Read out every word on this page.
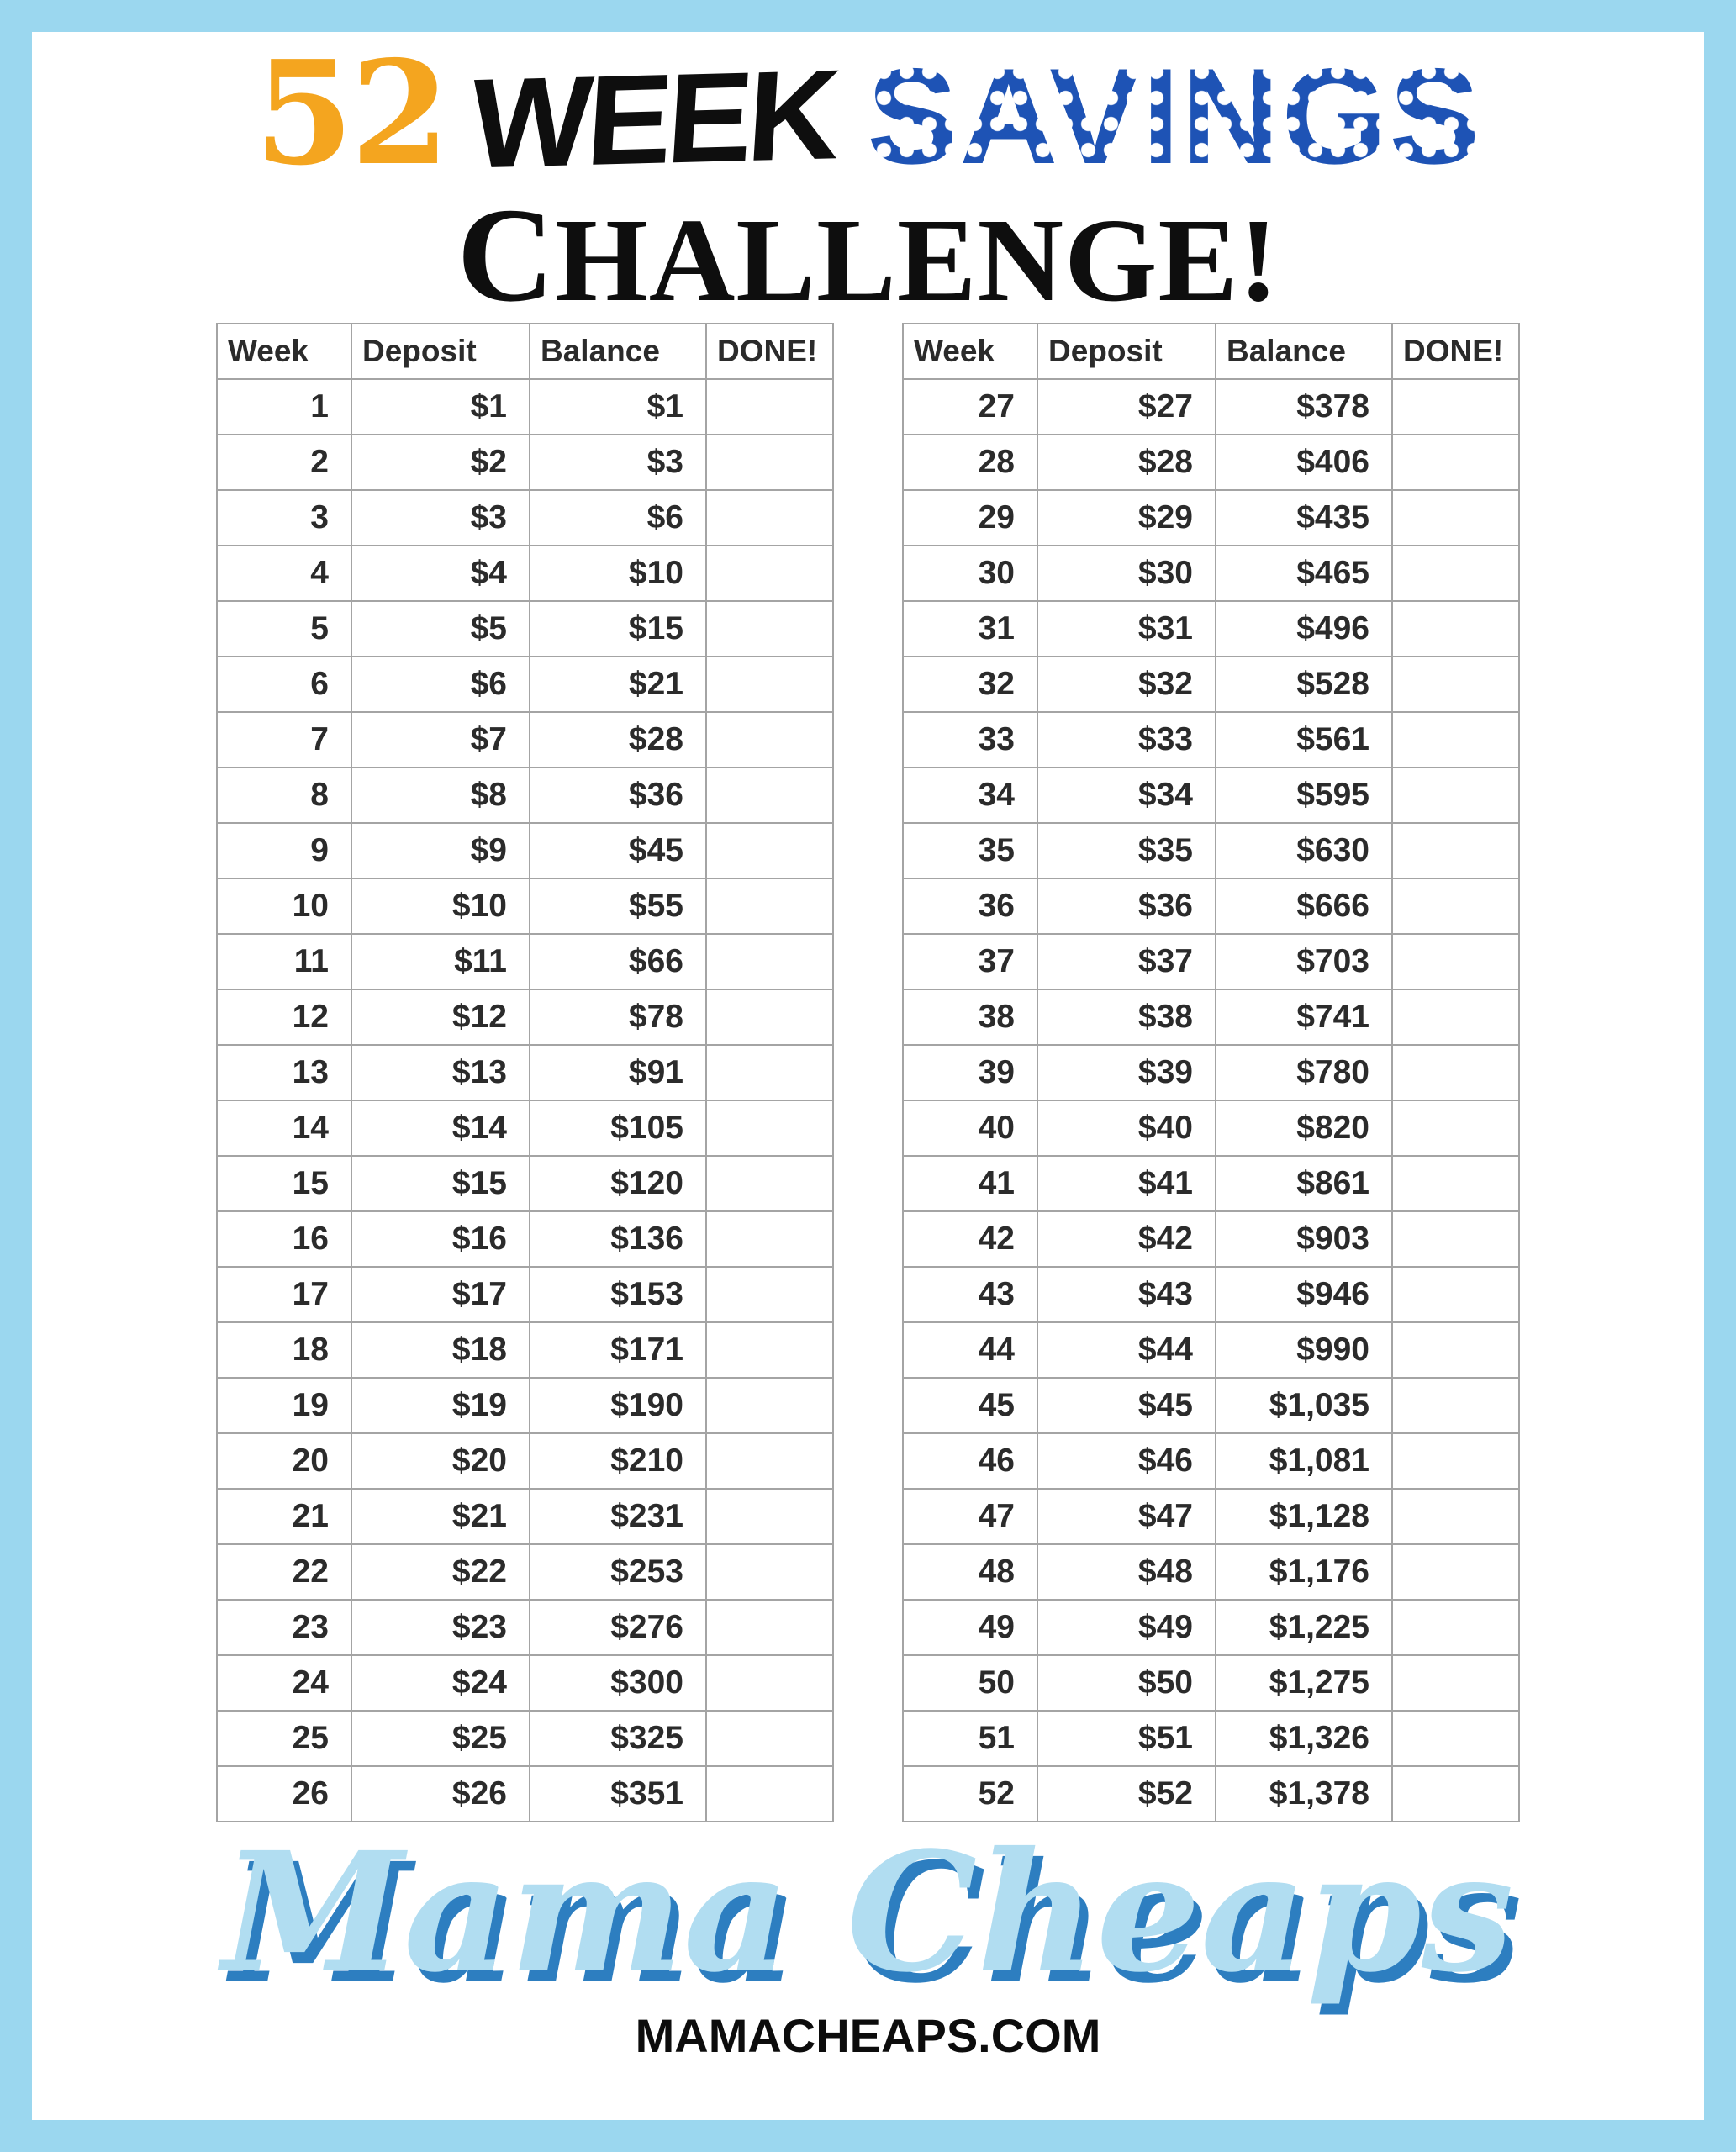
52 WEEK SAVINGS
CHALLENGE!
Week	Deposit	Balance	DONE!
1	$1	$1	
2	$2	$3	
3	$3	$6	
4	$4	$10	
5	$5	$15	
6	$6	$21	
7	$7	$28	
8	$8	$36	
9	$9	$45	
10	$10	$55	
11	$11	$66	
12	$12	$78	
13	$13	$91	
14	$14	$105	
15	$15	$120	
16	$16	$136	
17	$17	$153	
18	$18	$171	
19	$19	$190	
20	$20	$210	
21	$21	$231	
22	$22	$253	
23	$23	$276	
24	$24	$300	
25	$25	$325	
26	$26	$351	
Week	Deposit	Balance	DONE!
27	$27	$378	
28	$28	$406	
29	$29	$435	
30	$30	$465	
31	$31	$496	
32	$32	$528	
33	$33	$561	
34	$34	$595	
35	$35	$630	
36	$36	$666	
37	$37	$703	
38	$38	$741	
39	$39	$780	
40	$40	$820	
41	$41	$861	
42	$42	$903	
43	$43	$946	
44	$44	$990	
45	$45	$1,035	
46	$46	$1,081	
47	$47	$1,128	
48	$48	$1,176	
49	$49	$1,225	
50	$50	$1,275	
51	$51	$1,326	
52	$52	$1,378	
Mama Cheaps
MAMACHEAPS.COM
